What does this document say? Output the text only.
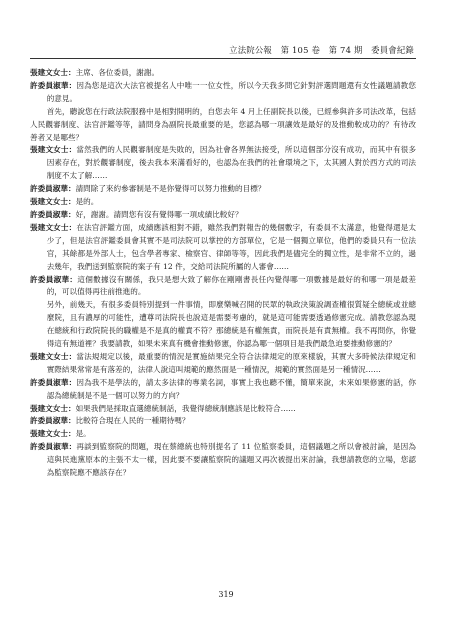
立法院公報　第 105 卷　第 74 期　委員會紀錄

張建文女士：主席、各位委員，謝謝。

許委員淑華：因為您是這次大法官被提名人中唯一一位女性，所以今天我多問它針對評選問題還有女性議題請教您的意見。

首先，聽說您在行政法院服務中是相對開明的，自您去年 4 月上任副院長以後，已經參與許多司法改革，包括人民觀審制度、法官評鑑等等，請問身為副院長最重要的是，您認為哪一項讓效是最好的及推動較成功的？有待改善者又是哪些？

張建文女士：當然我們的人民觀審制度是失敗的，因為社會各界無法接受，所以這個部分沒有成功，而其中有很多因素存在，對於觀審制度，後去我本來滿看好的，也認為在我們的社會環境之下，太其國人對於西方式的司法制度不太了解……

許委員淑華：請問除了來約參審制是不是你覺得可以努力推動的目標？

張建文女士：是的。

許委員淑華：好，謝謝。請問您有沒有覺得哪一項成績比較好？

張建文女士：在法官評鑑方面，成績應該相對不錯，雖然我們對報告的幾個數字，有委員不太滿意，他覺得還是太少了，但是法官評鑑委員會其實不是司法院可以掌控的方部單位，它是一個獨立單位，他們的委員只有一位法官，其餘都是外部人士，包含學者專家、檢察官、律師等等，因此我們是儘完全的獨立性，是非常不立的，過去幾年，我們送到監察院的案子有 12 件，交給司法院所屬的人審會……

許委員淑華：這個數據沒有關係，我只是想大致了解你在剛剛書長任內覺得哪一項數據是最好的和哪一項是最差的，可以值得再往前推進的。

另外，前幾天，有很多委員特別提到一件事情，即麼樂喊召開的民眾的執政決策說調查權很質疑全總統或並總麼院，且有濃厚的可能性，遭尊司法院長也說這是需要考慮的，就是這可能需要透過修憲完成。請教您認為現在總統和行政院院長的職權是不是真的權責不符？那總統是有權無責，而院長是有責無權。我不再問你，你覺得這有無道裡？我要請教，如果未來真有機會推動修憲，你認為哪一個項目是我們最急迫要推動修憲的？

張建文女士：當法規規定以後，最重要的情況是實施結果完全符合法律規定的原來樣貌，其實大多時候法律規定和實際結果常常是有落差的，法律人說這叫規範的應然面是一種情況，規範的實然面是另一種情況……

許委員淑華：因為我不是學法的，請太多法律的專業名詞，事實上我也聽不懂，簡單來說，未來如果修憲的話，你認為總統制是不是一個可以努力的方向？

張建文女士：如果我們是採取直選總統制話，我覺得總統制應該是比較符合……

許委員淑華：比較符合現在人民的一種期待嗎？

張建文女士：是。

許委員淑華：再談到監察院的問題，現在蔡總統也特別提名了 11 位監察委員，這個議題之所以會被討論，是因為這與民進黨原本的主張不太一樣，因此要不要讓監察院的議題又再次被提出來討論，我想請教您的立場，您認為監察院應不應該存在？

319
